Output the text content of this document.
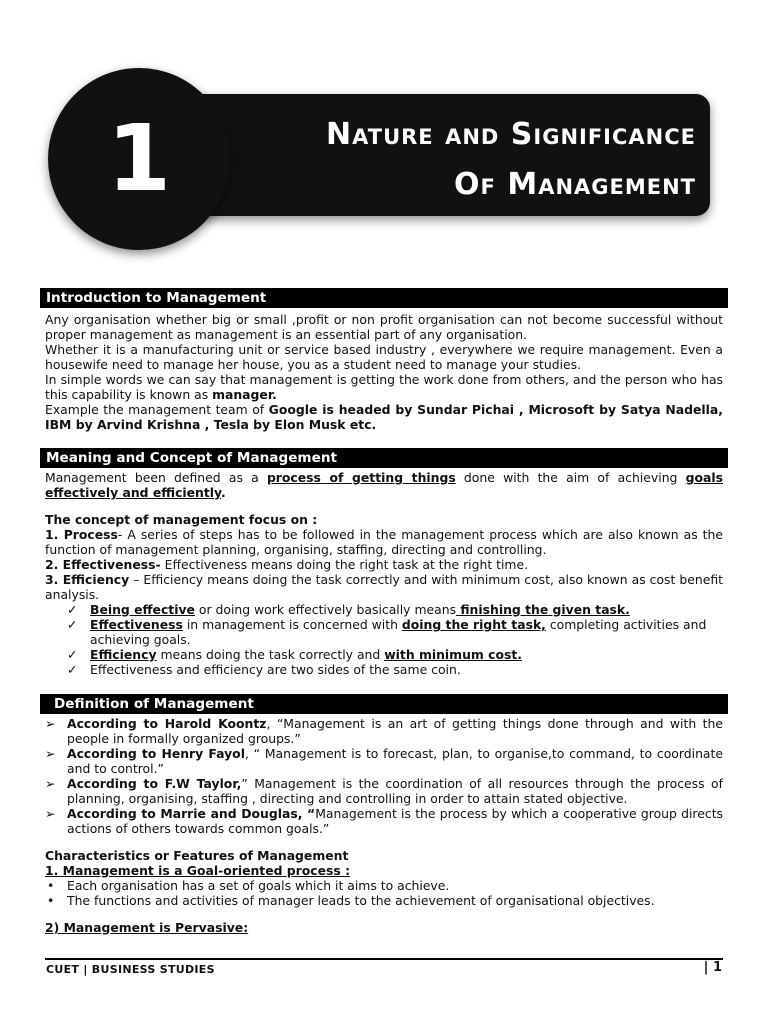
1	Nature and Significance
Of Management
Introduction to Management

Any organisation whether big or small ,profit or non profit organisation can not become successful without proper management as management is an essential part of any organisation.

Whether it is a manufacturing unit or service based industry , everywhere we require management. Even a housewife need to manage her house, you as a student need to manage your studies.

In simple words we can say that management is getting the work done from others, and the person who has this capability is known as manager.

Example the management team of Google is headed by Sundar Pichai , Microsoft by Satya Nadella, IBM by Arvind Krishna , Tesla by Elon Musk etc.

Meaning and Concept of Management

Management been defined as a process of getting things done with the aim of achieving goals effectively and efficiently.

The concept of management focus on :

1. Process- A series of steps has to be followed in the management process which are also known as the function of management planning, organising, staffing, directing and controlling.

2. Effectiveness- Effectiveness means doing the right task at the right time.

3. Efficiency – Efficiency means doing the task correctly and with minimum cost, also known as cost benefit analysis.

✓ Being effective or doing work effectively basically means finishing the given task.
✓ Effectiveness in management is concerned with doing the right task, completing activities and achieving goals.
✓ Efficiency means doing the task correctly and with minimum cost.
✓ Effectiveness and efficiency are two sides of the same coin.
Definition of Management
➢ According to Harold Koontz, “Management is an art of getting things done through and with the people in formally organized groups.”
➢ According to Henry Fayol, “ Management is to forecast, plan, to organise,to command, to coordinate and to control.”
➢ According to F.W Taylor,” Management is the coordination of all resources through the process of planning, organising, staffing , directing and controlling in order to attain stated objective.
➢ According to Marrie and Douglas, “Management is the process by which a cooperative group directs actions of others towards common goals.”

Characteristics or Features of Management

1. Management is a Goal-oriented process :

• Each organisation has a set of goals which it aims to achieve.
• The functions and activities of manager leads to the achievement of organisational objectives.

2) Management is Pervasive:

CUET | BUSINESS STUDIES	| 1
